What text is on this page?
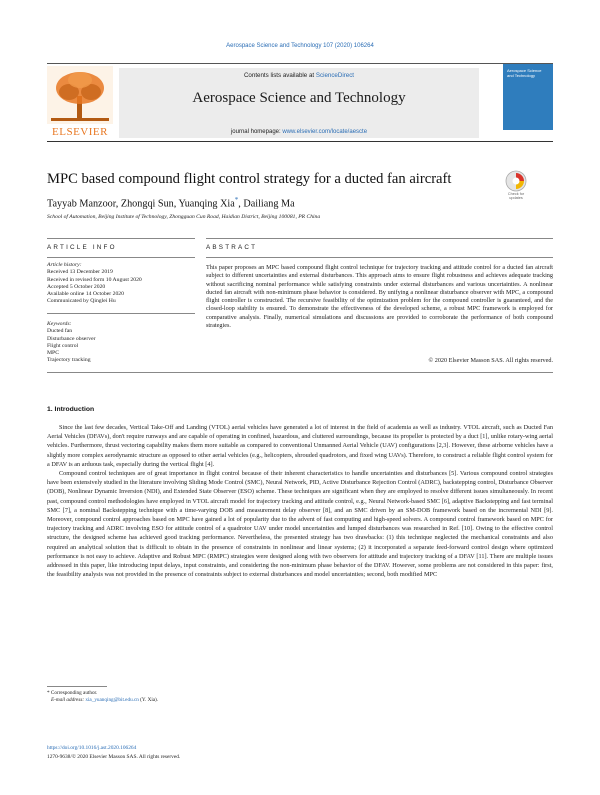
Aerospace Science and Technology 107 (2020) 106264
ELSEVIER
Contents lists available at ScienceDirect
Aerospace Science and Technology
journal homepage: www.elsevier.com/locate/aescte
Aerospace Science and Technology
MPC based compound flight control strategy for a ducted fan aircraft
Check for updates
Tayyab Manzoor, Zhongqi Sun, Yuanqing Xia*, Dailiang Ma
School of Automation, Beijing Institute of Technology, Zhongguan Cun Road, Haidian District, Beijing 100081, PR China
ARTICLE INFO	ABSTRACT
Article history:
Received 13 December 2019
Received in revised form 10 August 2020
Accepted 5 October 2020
Available online 14 October 2020
Communicated by Qinglei Hu
Keywords:
Ducted fan
Disturbance observer
Flight control
MPC
Trajectory tracking
This paper proposes an MPC based compound flight control technique for trajectory tracking and attitude control for a ducted fan aircraft subject to different uncertainties and external disturbances. This approach aims to ensure flight robustness and achieves adequate tracking without sacrificing nominal performance while satisfying constraints under external disturbances and various uncertainties. A nonlinear ducted fan aircraft with non-minimum phase behavior is considered. By unifying a nonlinear disturbance observer with MPC, a compound flight controller is constructed. The recursive feasibility of the optimization problem for the compound controller is guaranteed, and the closed-loop stability is ensured. To demonstrate the effectiveness of the developed scheme, a robust MPC framework is employed for comparative analysis. Finally, numerical simulations and discussions are provided to corroborate the performance of both compound strategies.
© 2020 Elsevier Masson SAS. All rights reserved.
1. Introduction

Since the last few decades, Vertical Take-Off and Landing (VTOL) aerial vehicles have generated a lot of interest in the field of academia as well as industry. VTOL aircraft, such as Ducted Fan Aerial Vehicles (DFAVs), don't require runways and are capable of operating in confined, hazardous, and cluttered surroundings, because its propeller is protected by a duct [1], unlike rotary-wing aerial vehicles. Furthermore, thrust vectoring capability makes them more suitable as compared to conventional Unmanned Aerial Vehicle (UAV) configurations [2,3]. However, these airborne vehicles have a slightly more complex aerodynamic structure as opposed to other aerial vehicles (e.g., helicopters, shrouded quadrotors, and fixed wing UAVs). Therefore, to construct a reliable flight control system for a DFAV is an arduous task, especially during the vertical flight [4].

Compound control techniques are of great importance in flight control because of their inherent characteristics to handle uncertainties and disturbances [5]. Various compound control strategies have been extensively studied in the literature involving Sliding Mode Control (SMC), Neural Network, PID, Active Disturbance Rejection Control (ADRC), backstepping control, Disturbance Observer (DOB), Nonlinear Dynamic Inversion (NDI), and Extended State Observer (ESO) scheme. These techniques are significant when they are employed to resolve different issues simultaneously. In recent past, compound control methodologies have employed in VTOL aircraft model for trajectory tracking and attitude control, e.g., Neural Network-based SMC [6], adaptive Backstepping and fast terminal SMC [7], a nominal Backstepping technique with a time-varying DOB and measurement delay observer [8], and an SMC driven by an SM-DOB framework based on the incremental NDI [9]. Moreover, compound control approaches based on MPC have gained a lot of popularity due to the advent of fast computing and high-speed solvers. A compound control framework based on MPC for trajectory tracking and ADRC involving ESO for attitude control of a quadrotor UAV under model uncertainties and lumped disturbances was researched in Ref. [10]. Owing to the effective control structure, the designed scheme has achieved good tracking performance. Nevertheless, the presented strategy has two drawbacks: (1) this technique neglected the mechanical constraints and also required an analytical solution that is difficult to obtain in the presence of constraints in nonlinear and linear systems; (2) it incorporated a separate feed-forward control design where optimized performance is not easy to achieve. Adaptive and Robust MPC (RMPC) strategies were designed along with two observers for attitude and trajectory tracking of a DFAV [11]. There are multiple issues addressed in this paper, like introducing input delays, input constraints, and considering the non-minimum phase behavior of the DFAV. However, some problems are not considered in this paper: first, the feasibility analysis was not provided in the presence of constraints subject to external disturbances and model uncertainties; second, both modified MPC

* Corresponding author.
E-mail address: xia_yuanqing@bit.edu.cn (Y. Xia).
https://doi.org/10.1016/j.ast.2020.106264
1270-9638/© 2020 Elsevier Masson SAS. All rights reserved.
